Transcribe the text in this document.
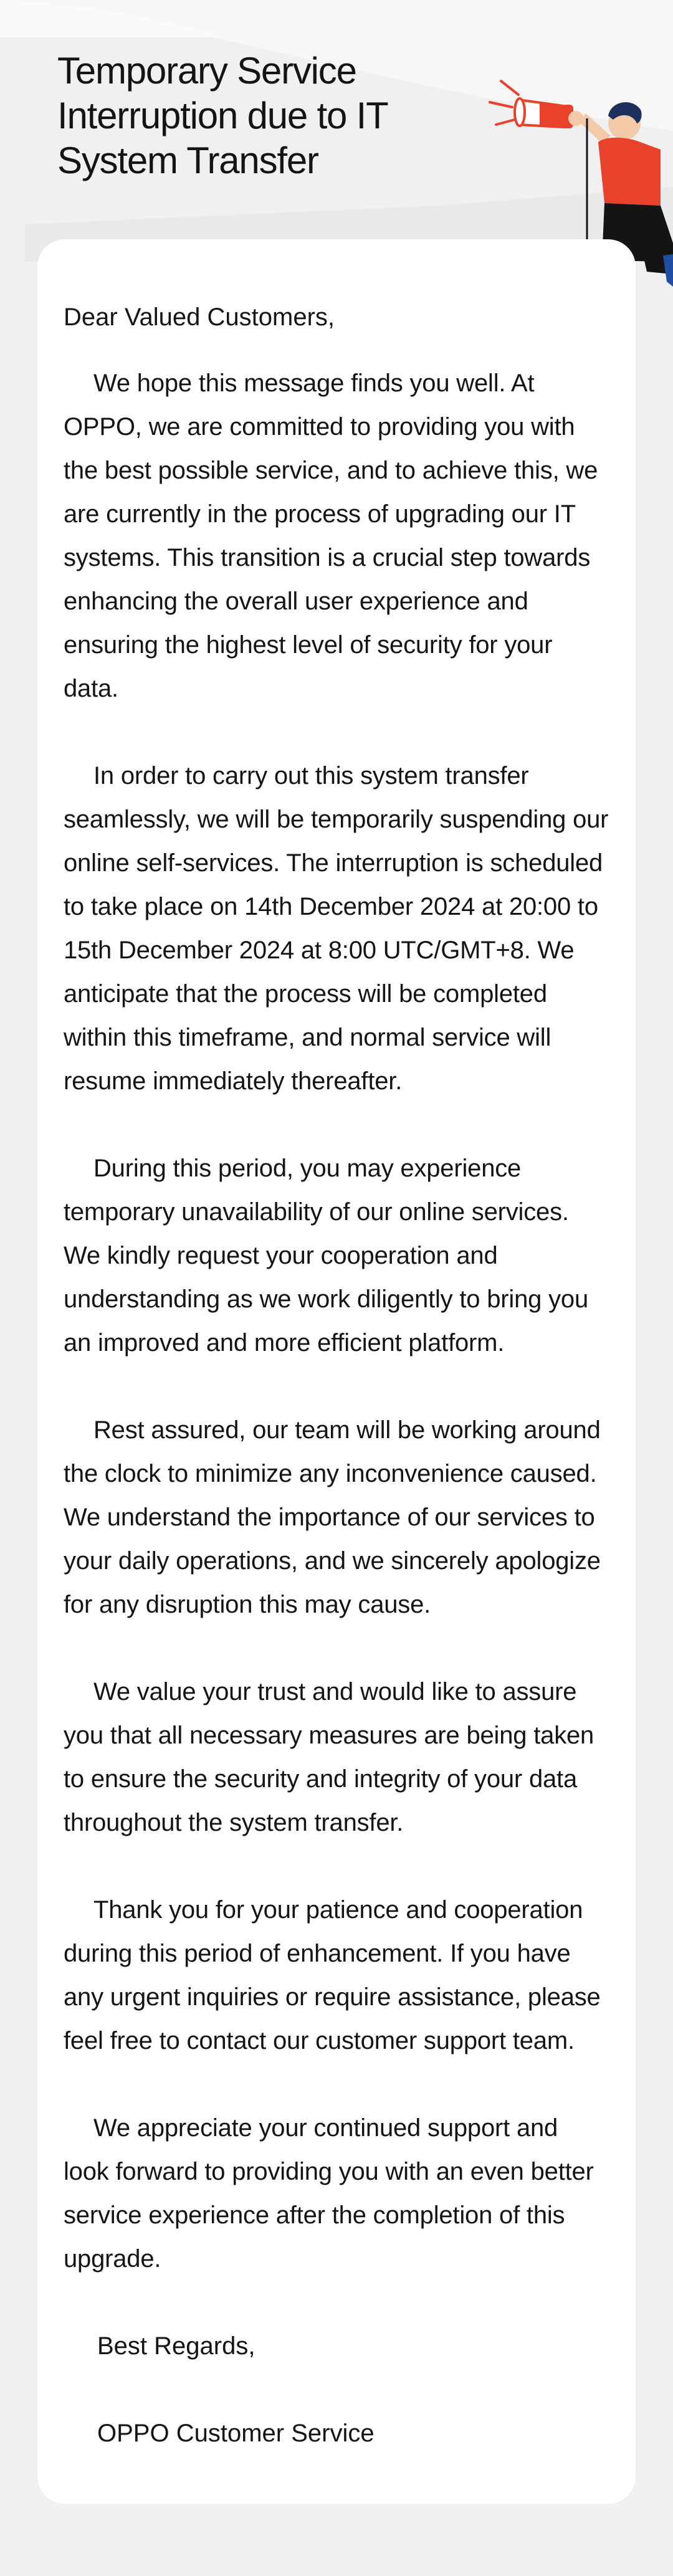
Temporary Service Interruption due to IT System Transfer

Dear Valued Customers,

We hope this message finds you well. At OPPO, we are committed to providing you with the best possible service, and to achieve this, we are currently in the process of upgrading our IT systems. This transition is a crucial step towards enhancing the overall user experience and ensuring the highest level of security for your data.

In order to carry out this system transfer seamlessly, we will be temporarily suspending our online self-services. The interruption is scheduled to take place on 14th December 2024 at 20:00 to 15th December 2024 at 8:00 UTC/GMT+8. We anticipate that the process will be completed within this timeframe, and normal service will resume immediately thereafter.

During this period, you may experience temporary unavailability of our online services. We kindly request your cooperation and understanding as we work diligently to bring you an improved and more efficient platform.

Rest assured, our team will be working around the clock to minimize any inconvenience caused. We understand the importance of our services to your daily operations, and we sincerely apologize for any disruption this may cause.

We value your trust and would like to assure you that all necessary measures are being taken to ensure the security and integrity of your data throughout the system transfer.

Thank you for your patience and cooperation during this period of enhancement. If you have any urgent inquiries or require assistance, please feel free to contact our customer support team.

We appreciate your continued support and look forward to providing you with an even better service experience after the completion of this upgrade.

Best Regards,

OPPO Customer Service
